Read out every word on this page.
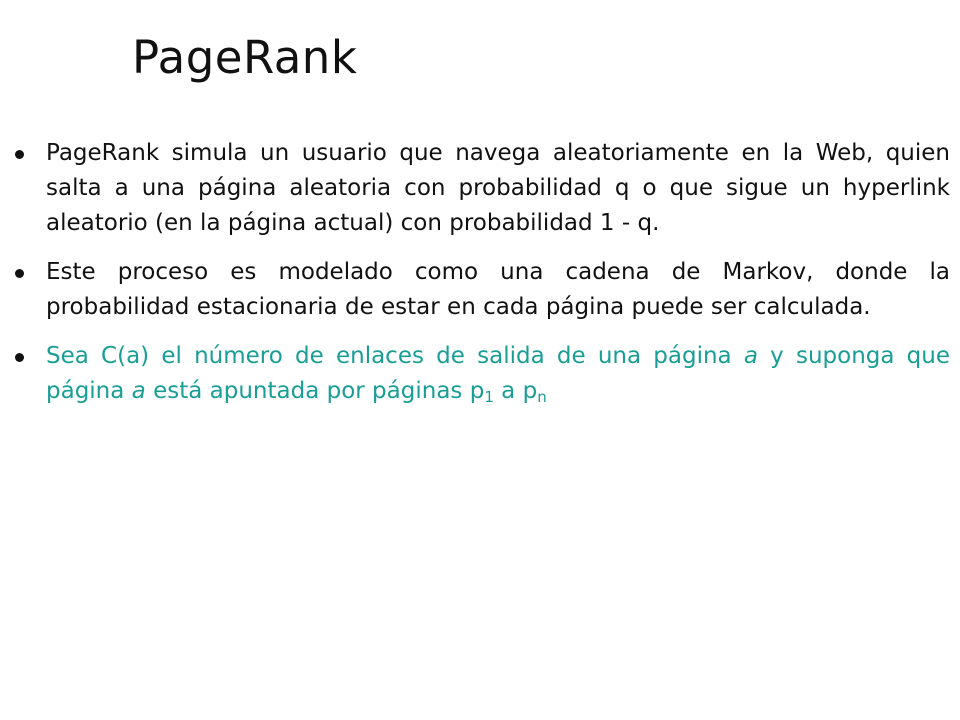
PageRank
PageRank simula un usuario que navega aleatoriamente en la Web, quien salta a una página aleatoria con probabilidad q o que sigue un hyperlink aleatorio (en la página actual) con probabilidad 1 - q.
Este proceso es modelado como una cadena de Markov, donde la probabilidad estacionaria de estar en cada página puede ser calculada.
Sea C(a) el número de enlaces de salida de una página a y suponga que página a está apuntada por páginas $p_1$ a $p_n$
